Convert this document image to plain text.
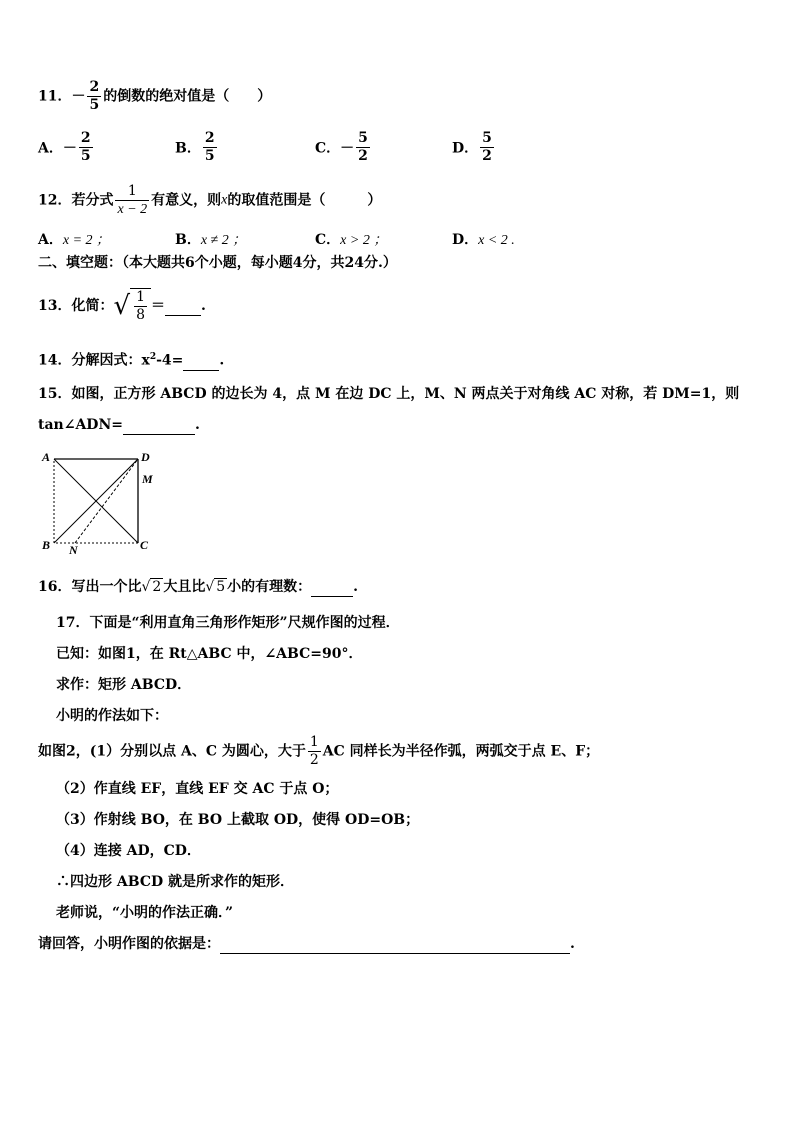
11．－ $\frac{2}{5}$ 的倒数的绝对值是（　　）
A．－ $\frac{2}{5}$	B． $\frac{2}{5}$	C．－ $\frac{5}{2}$	D． $\frac{5}{2}$
12．若分式 $\frac{1}{x - 2}$ 有意义，则x的取值范围是（　　　）
A．x = 2 ；	B．x ≠ 2 ；	C．x > 2 ；	D．x < 2 .
二、填空题：（本大题共6个小题，每小题4分，共24分.）
13．化简：√ $\frac{1}{8}$ ＝	.
14．分解因式：$x^2-4=$	.
15．如图，正方形 ABCD 的边长为 4，点 M 在边 DC 上，M、N 两点关于对角线 AC 对称，若 DM=1，则
tan∠ADN=	.
A	D
M
B	C
N
16．写出一个比√ 2 大且比√ 5 小的有理数：	.
17．下面是“利用直角三角形作矩形”尺规作图的过程．
已知：如图1，在 Rt△ABC 中，∠ABC=90°．
求作：矩形 ABCD．
小明的作法如下：
如图2，(1）分别以点 A、C 为圆心，大于 $\frac{1}{2}$ AC 同样长为半径作弧，两弧交于点 E、F；
（2）作直线 EF，直线 EF 交 AC 于点 O；
（3）作射线 BO，在 BO 上截取 OD，使得 OD=OB；
（4）连接 AD，CD．
∴四边形 ABCD 就是所求作的矩形．
老师说，“小明的作法正确．”
请回答，小明作图的依据是：	.
